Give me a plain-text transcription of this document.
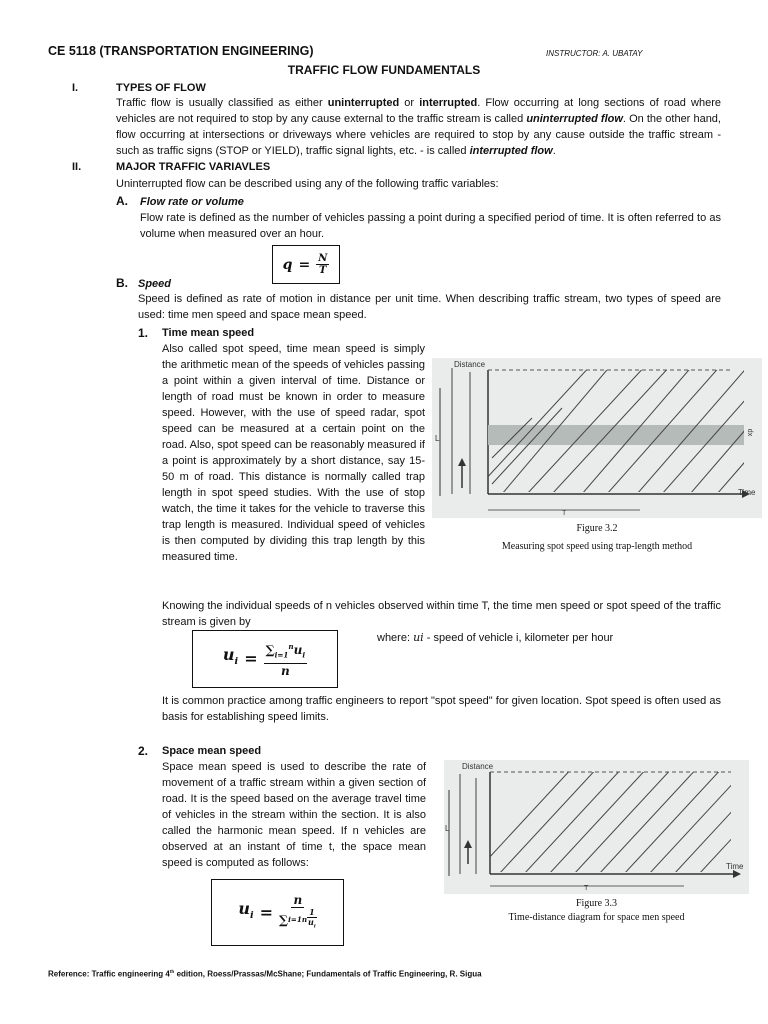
CE 5118 (TRANSPORTATION ENGINEERING)	INSTRUCTOR: A. UBATAY
TRAFFIC FLOW FUNDAMENTALS
I.	TYPES OF FLOW
Traffic flow is usually classified as either uninterrupted or interrupted. Flow occurring at long sections of road where vehicles are not required to stop by any cause external to the traffic stream is called uninterrupted flow. On the other hand, flow occurring at intersections or driveways where vehicles are required to stop by any cause outside the traffic stream - such as traffic signs (STOP or YIELD), traffic signal lights, etc. - is called interrupted flow.
II.	MAJOR TRAFFIC VARIAVLES
Uninterrupted flow can be described using any of the following traffic variables:
A. Flow rate or volume
Flow rate is defined as the number of vehicles passing a point during a specified period of time. It is often referred to as volume when measured over an hour.
$q = \frac{N}{T}$
B. Speed
Speed is defined as rate of motion in distance per unit time. When describing traffic stream, two types of speed are used: time men speed and space mean speed.
1. Time mean speed
Also called spot speed, time mean speed is simply the arithmetic mean of the speeds of vehicles passing a point within a given interval of time. Distance or length of road must be known in order to measure speed. However, with the use of speed radar, spot speed can be measured at a certain point on the road. Also, spot speed can be reasonably measured if a point is approximately by a short distance, say 15-50 m of road. This distance is normally called trap length in spot speed studies. With the use of stop watch, the time it takes for the vehicle to traverse this trap length is measured. Individual speed of vehicles is then computed by dividing this trap length by this measured time.
Distance
Time
L
dx
T
Figure 3.2
Measuring spot speed using trap-length method
Knowing the individual speeds of n vehicles observed within time T, the time men speed or spot speed of the traffic stream is given by
$u_i = \frac{\sum_{i=1}^nu_i}{n}$
where: ui - speed of vehicle i, kilometer per hour
It is common practice among traffic engineers to report "spot speed" for given location. Spot speed is often used as basis for establishing speed limits.
2. Space mean speed
Space mean speed is used to describe the rate of movement of a traffic stream within a given section of road. It is the speed based on the average travel time of vehicles in the stream within the section. It is also called the harmonic mean speed. If n vehicles are observed at an instant of time t, the space mean speed is computed as follows:
$u_i = \frac{n}{\sum i=1 n \frac{1}{u_i}}$
Distance
Time
L
T
Figure 3.3
Time-distance diagram for space men speed
Reference: Traffic engineering 4th edition, Roess/Prassas/McShane; Fundamentals of Traffic Engineering, R. Sigua
